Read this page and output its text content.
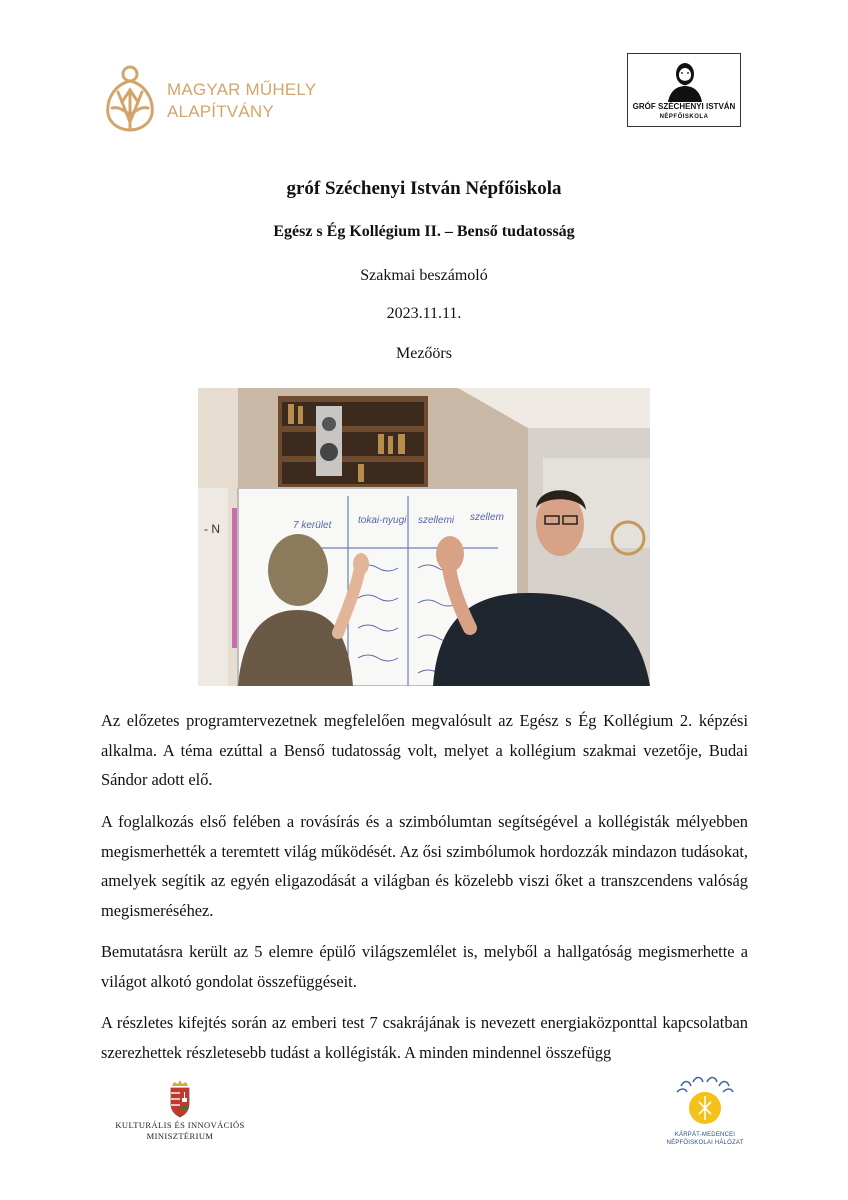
MAGYAR MŰHELY
ALAPÍTVÁNY	GRÓF SZÉCHENYI ISTVÁN
NÉPFŐISKOLA
gróf Széchenyi István Népfőiskola
Egész s Ég Kollégium II. – Benső tudatosság
Szakmai beszámoló
2023.11.11.
Mezőörs
- N	7 kerület	tokai-nyugi szellemi szellem

Az előzetes programtervezetnek megfelelően megvalósult az Egész s Ég Kollégium 2. képzési alkalma. A téma ezúttal a Benső tudatosság volt, melyet a kollégium szakmai vezetője, Budai Sándor adott elő.

A foglalkozás első felében a rovásírás és a szimbólumtan segítségével a kollégisták mélyebben megismerhették a teremtett világ működését. Az ősi szimbólumok hordozzák mindazon tudásokat, amelyek segítik az egyén eligazodását a világban és közelebb viszi őket a transzcendens valóság megismeréséhez.

Bemutatásra került az 5 elemre épülő világszemlélet is, melyből a hallgatóság megismerhette a világot alkotó gondolat összefüggéseit.

A részletes kifejtés során az emberi test 7 csakrájának is nevezett energiaközponttal kapcsolatban szerezhettek részletesebb tudást a kollégisták. A minden mindennel összefügg

KULTURÁLIS ÉS INNOVÁCIÓS
MINISZTÉRIUM	KÁRPÁT-MEDENCEI
NÉPFŐISKOLAI HÁLÓZAT
